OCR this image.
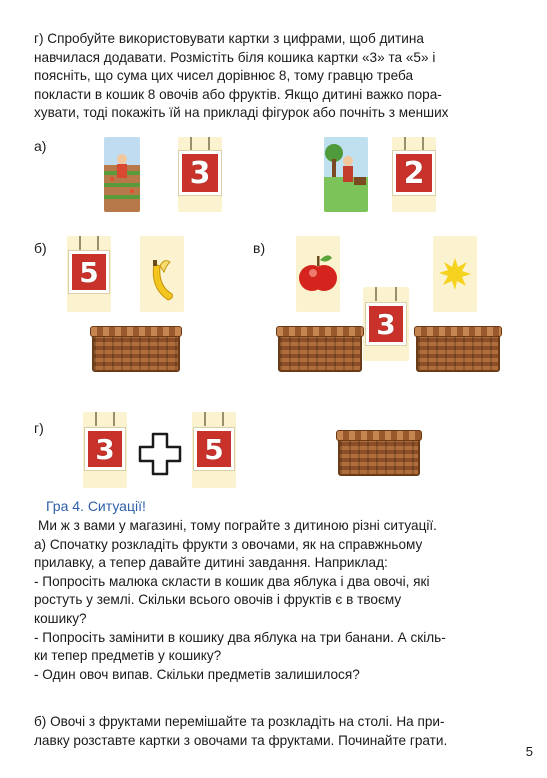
г) Спробуйте використовувати картки з цифрами, щоб дитина
навчилася додавати. Розмістіть біля кошика картки «3» та «5» і
поясніть, що сума цих чисел дорівнює 8, тому гравцю треба
покласти в кошик 8 овочів або фруктів. Якщо дитині важко пора-
хувати, тоді покажіть їй на прикладі фігурок або почніть з менших
а)
3	2
б)
5
в)
3
г)
3	5
Гра 4. Ситуації!
Ми ж з вами у магазині, тому пограйте з дитиною різні ситуації.
а) Спочатку розкладіть фрукти з овочами, як на справжньому
прилавку, а тепер давайте дитині завдання. Наприклад:
- Попросіть малюка скласти в кошик два яблука і два овочі, які
ростуть у землі. Скільки всього овочів і фруктів є в твоєму
кошику?
- Попросіть замінити в кошику два яблука на три банани. А скіль-
ки тепер предметів у кошику?
- Один овоч випав. Скільки предметів залишилося?
б) Овочі з фруктами перемішайте та розкладіть на столі. На при-
лавку розставте картки з овочами та фруктами. Починайте грати.
5
